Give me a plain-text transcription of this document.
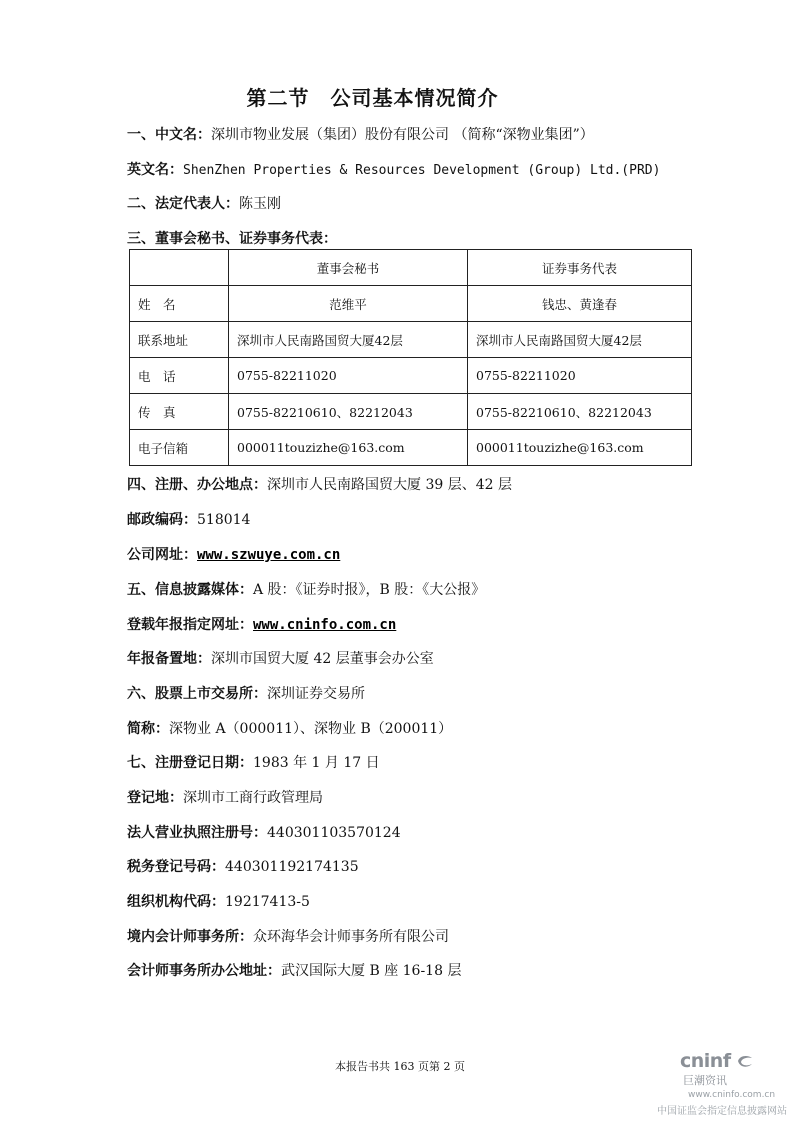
第二节　公司基本情况简介
一、中文名：深圳市物业发展（集团）股份有限公司 （简称“深物业集团”）
英文名：ShenZhen Properties & Resources Development (Group) Ltd.(PRD)
二、法定代表人：陈玉刚
三、董事会秘书、证券事务代表：
	董事会秘书	证券事务代表
姓　名	范维平	钱忠、黄逢春
联系地址	深圳市人民南路国贸大厦42层	深圳市人民南路国贸大厦42层
电　话	0755-82211020	0755-82211020
传　真	0755-82210610、82212043	0755-82210610、82212043
电子信箱	000011touzizhe@163.com	000011touzizhe@163.com
四、注册、办公地点：深圳市人民南路国贸大厦 39 层、42 层
邮政编码：518014
公司网址：www.szwuye.com.cn
五、信息披露媒体：A 股：《证券时报》，B 股：《大公报》
登载年报指定网址：www.cninfo.com.cn
年报备置地：深圳市国贸大厦 42 层董事会办公室
六、股票上市交易所：深圳证券交易所
简称：深物业 A（000011）、深物业 B（200011）
七、注册登记日期：1983 年 1 月 17 日
登记地：深圳市工商行政管理局
法人营业执照注册号：440301103570124
税务登记号码：440301192174135
组织机构代码：19217413-5
境内会计师事务所：众环海华会计师事务所有限公司
会计师事务所办公地址：武汉国际大厦 B 座 16-18 层
本报告书共 163 页第 2 页	cninf
巨潮资讯
www.cninfo.com.cn
中国证监会指定信息披露网站
